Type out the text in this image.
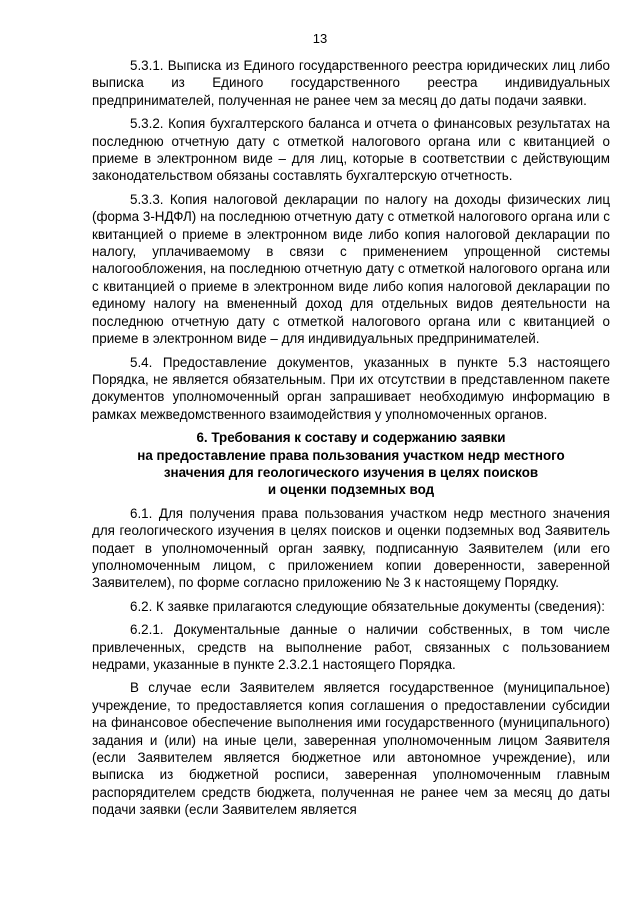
13

5.3.1. Выписка из Единого государственного реестра юридических лиц либо выписка из Единого государственного реестра индивидуальных предпринимателей, полученная не ранее чем за месяц до даты подачи заявки.

5.3.2. Копия бухгалтерского баланса и отчета о финансовых результатах на последнюю отчетную дату с отметкой налогового органа или с квитанцией о приеме в электронном виде – для лиц, которые в соответствии с действующим законодательством обязаны составлять бухгалтерскую отчетность.

5.3.3. Копия налоговой декларации по налогу на доходы физических лиц (форма 3-НДФЛ) на последнюю отчетную дату с отметкой налогового органа или с квитанцией о приеме в электронном виде либо копия налоговой декларации по налогу, уплачиваемому в связи с применением упрощенной системы налогообложения, на последнюю отчетную дату с отметкой налогового органа или с квитанцией о приеме в электронном виде либо копия налоговой декларации по единому налогу на вмененный доход для отдельных видов деятельности на последнюю отчетную дату с отметкой налогового органа или с квитанцией о приеме в электронном виде – для индивидуальных предпринимателей.

5.4. Предоставление документов, указанных в пункте 5.3 настоящего Порядка, не является обязательным. При их отсутствии в представленном пакете документов уполномоченный орган запрашивает необходимую информацию в рамках межведомственного взаимодействия у уполномоченных органов.

6. Требования к составу и содержанию заявки
на предоставление права пользования участком недр местного
значения для геологического изучения в целях поисков
и оценки подземных вод

6.1. Для получения права пользования участком недр местного значения для геологического изучения в целях поисков и оценки подземных вод Заявитель подает в уполномоченный орган заявку, подписанную Заявителем (или его уполномоченным лицом, с приложением копии доверенности, заверенной Заявителем), по форме согласно приложению № 3 к настоящему Порядку.

6.2. К заявке прилагаются следующие обязательные документы (сведения):

6.2.1. Документальные данные о наличии собственных, в том числе привлеченных, средств на выполнение работ, связанных с пользованием недрами, указанные в пункте 2.3.2.1 настоящего Порядка.

В случае если Заявителем является государственное (муниципальное) учреждение, то предоставляется копия соглашения о предоставлении субсидии на финансовое обеспечение выполнения ими государственного (муниципального) задания и (или) на иные цели, заверенная уполномоченным лицом Заявителя (если Заявителем является бюджетное или автономное учреждение), или выписка из бюджетной росписи, заверенная уполномоченным главным распорядителем средств бюджета, полученная не ранее чем за месяц до даты подачи заявки (если Заявителем является
